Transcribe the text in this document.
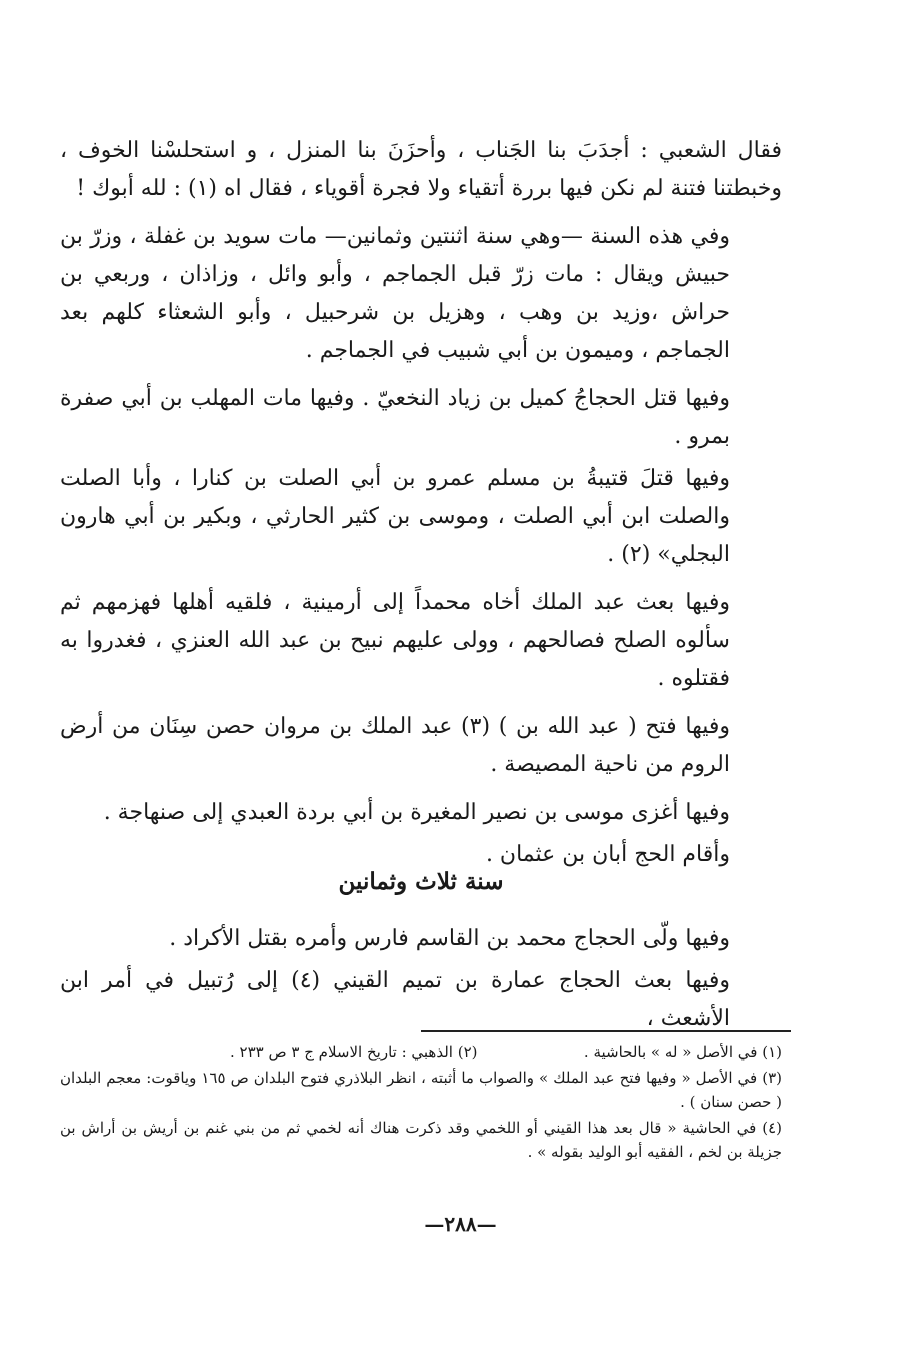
فقال الشعبي : أجدَبَ بنا الجَناب ، وأحزَنَ بنا المنزل ، و استحلسْنا الخوف ، وخبطتنا فتنة لم نكن فيها بررة أتقياء ولا فجرة أقوياء ، فقال اه (١) : لله أبوك !

وفي هذه السنة —وهي سنة اثنتين وثمانين— مات سويد بن غفلة ، وزرّ بن حبيش ويقال : مات زرّ قبل الجماجم ، وأبو وائل ، وزاذان ، وربعي بن حراش ،وزيد بن وهب ، وهزيل بن شرحبيل ، وأبو الشعثاء كلهم بعد الجماجم ، وميمون بن أبي شبيب في الجماجم .

وفيها قتل الحجاجُ كميل بن زياد النخعيّ . وفيها مات المهلب بن أبي صفرة بمرو .

وفيها قتلَ قتيبةُ بن مسلم عمرو بن أبي الصلت بن كنارا ، وأبا الصلت والصلت ابن أبي الصلت ، وموسى بن كثير الحارثي ، وبكير بن أبي هارون البجلي» (٢) .

وفيها بعث عبد الملك أخاه محمداً إلى أرمينية ، فلقيه أهلها فهزمهم ثم سألوه الصلح فصالحهم ، وولى عليهم نبيح بن عبد الله العنزي ، فغدروا به فقتلوه .

وفيها فتح ( عبد الله بن ) (٣) عبد الملك بن مروان حصن سِنَان من أرض الروم من ناحية المصيصة .

وفيها أغزى موسى بن نصير المغيرة بن أبي بردة العبدي إلى صنهاجة .

وأقام الحج أبان بن عثمان .

سنة ثلاث وثمانين

وفيها ولّى الحجاج محمد بن القاسم فارس وأمره بقتل الأكراد .

وفيها بعث الحجاج عمارة بن تميم القيني (٤) إلى رُتبيل في أمر ابن الأشعث ،

(١) في الأصل « له » بالحاشية .
(٢) الذهبي : تاريخ الاسلام ج ٣ ص ٢٣٣ .

(٣) في الأصل « وفيها فتح عبد الملك » والصواب ما أثبته ، انظر البلاذري فتوح البلدان ص ١٦٥ وياقوت: معجم البلدان ( حصن سنان ) .

(٤) في الحاشية « قال بعد هذا القيني أو اللخمي وقد ذكرت هناك أنه لخمي ثم من بني غنم بن أريش بن أراش بن جزيلة بن لخم ، الفقيه أبو الوليد بقوله » .

—٢٨٨—
